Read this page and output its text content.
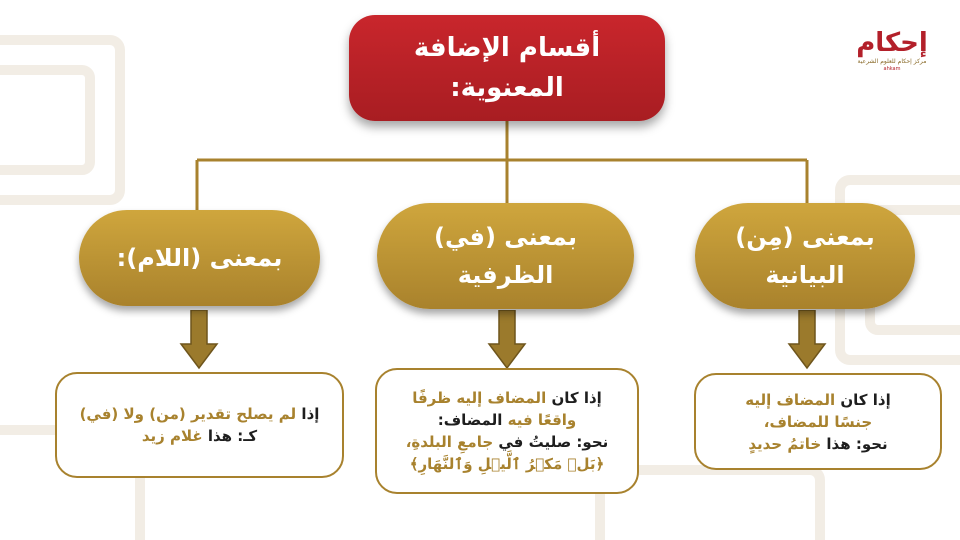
إحكام
مركز إحكام للعلوم الشرعية
ahkam
أقسام الإضافة
المعنوية:
بمعنى (مِن)
البيانية
بمعنى (في)
الظرفية
بمعنى (اللام):
إذا كان المضاف إليه
جنسًا للمضاف،
نحو: هذا خاتمُ حديدٍ
إذا كان المضاف إليه ظرفًا
واقعًا فيه المضاف:
نحو: صليتُ في جامعِ البلدةِ،
﴿بَلۡ مَكۡرُ ٱلَّيۡلِ وَٱلنَّهَارِ﴾
إذا لم يصلح تقدير (من) ولا (في)
كـ: هذا غلام زيد
